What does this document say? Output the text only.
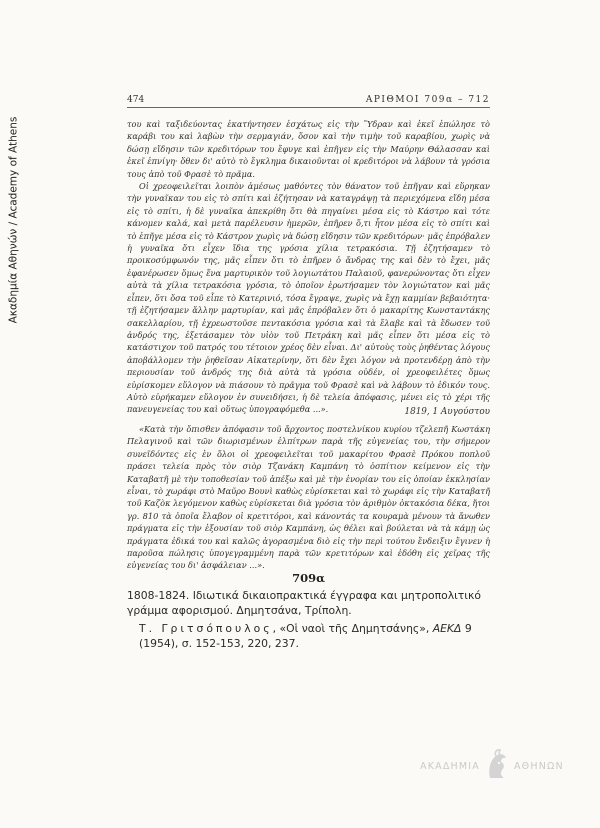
Ακαδημία Αθηνών / Academy of Athens
474	ΑΡΙΘΜΟΙ 709α – 712

του καὶ ταξιδεύοντας ἐκατήντησεν ἐσχάτως εἰς τὴν Ὕδραν καὶ ἐκεῖ ἐπώλησε τὸ καράβι του καὶ λαβὼν τὴν σερμαγιάν, ὅσον καὶ τὴν τιμὴν τοῦ καραβίου, χωρὶς νὰ δώσῃ εἴδησιν τῶν κρεδιτόρων του ἔφυγε καὶ ἐπῆγεν εἰς τὴν Μαύρην Θάλασσαν καὶ ἐκεῖ ἐπνίγη· ὅθεν δι' αὐτὸ τὸ ἔγκλημα δικαιοῦνται οἱ κρεδιτόροι νὰ λάβουν τὰ γρόσια τους ἀπὸ τοῦ Φρασὲ τὸ πρᾶμα.

Οἱ χρεοφειλεῖται λοιπὸν ἀμέσως μαθόντες τὸν θάνατον τοῦ ἐπῆγαν καὶ εὕρηκαν τὴν γυναῖκαν του εἰς τὸ σπίτι καὶ ἐζήτησαν νὰ καταγράψῃ τὰ περιεχόμενα εἴδη μέσα εἰς τὸ σπίτι, ἡ δὲ γυναῖκα ἀπεκρίθη ὅτι θὰ πηγαίνει μέσα εἰς τὸ Κάστρο καὶ τότε κάνομεν καλά, καὶ μετὰ παρέλευσιν ἡμερῶν, ἐπῆρεν ὅ,τι ἦτον μέσα εἰς τὸ σπίτι καὶ τὸ ἐπῆγε μέσα εἰς τὸ Κάστρον χωρὶς νὰ δώσῃ εἴδησιν τῶν κρεδιτόρων· μᾶς ἐπρόβαλεν ἡ γυναῖκα ὅτι εἶχεν ἴδια της γρόσια χίλια τετρακόσια. Τῇ ἐζητήσαμεν τὸ προικοσύμφωνόν της, μᾶς εἶπεν ὅτι τὸ ἐπῆρεν ὁ ἄνδρας της καὶ δὲν τὸ ἔχει, μᾶς ἐφανέρωσεν ὅμως ἕνα μαρτυρικὸν τοῦ λογιωτάτου Παλαιοῦ, φανερώνοντας ὅτι εἶχεν αὐτὰ τὰ χίλια τετρακόσια γρόσια, τὸ ὁποῖον ἐρωτήσαμεν τὸν λογιώτατον καὶ μᾶς εἶπεν, ὅτι ὅσα τοῦ εἶπε τὸ Κατερινιό, τόσα ἔγραψε, χωρὶς νὰ ἔχῃ καμμίαν βεβαιότητα· τῇ ἐζητήσαμεν ἄλλην μαρτυρίαν, καὶ μᾶς ἐπρόβαλεν ὅτι ὁ μακαρίτης Κωνσταντάκης σακελλαρίου, τῇ ἐχρεωστοῦσε πεντακόσια γρόσια καὶ τὰ ἔλαβε καὶ τὰ ἔδωσεν τοῦ ἀνδρός της, ἐξετάσαμεν τὸν υἱὸν τοῦ Πετράκη καὶ μᾶς εἶπεν ὅτι μέσα εἰς τὸ κατάστιχον τοῦ πατρός του τέτοιον χρέος δὲν εἶναι. Δι' αὐτοὺς τοὺς ῥηθέντας λόγους ἀποβάλλομεν τὴν ῥηθεῖσαν Αἰκατερίνην, ὅτι δὲν ἔχει λόγον νὰ προτενδέρῃ ἀπὸ τὴν περιουσίαν τοῦ ἀνδρός της διὰ αὐτὰ τὰ γρόσια οὐδέν, οἱ χρεοφειλέτες ὅμως εὑρίσκομεν εὔλογον νὰ πιάσουν τὸ πρᾶγμα τοῦ Φρασὲ καὶ νὰ λάβουν τὸ ἐδικόν τους. Αὐτὸ εὑρήκαμεν εὔλογον ἐν συνειδήσει, ἡ δὲ τελεία ἀπόφασις, μένει εἰς τὸ χέρι τῆς πανευγενείας του καὶ οὕτως ὑπογραφόμεθα ...».	1819, 1 Αυγούστου

«Κατὰ τὴν ὄπισθεν ἀπόφασιν τοῦ ἄρχοντος ποστελνίκου κυρίου τζελεπῆ Κωστάκη Πελαγινοῦ καὶ τῶν διωρισμένων ἐλπίτρων παρὰ τῆς εὐγενείας του, τὴν σήμερον συνεϊδόντες εἰς ἐν ὅλοι οἱ χρεοφειλεῖται τοῦ μακαρίτου Φρασὲ Πρόκου ποπλοῦ πράσει τελεία πρὸς τὸν σιὸρ Τζανάκη Καμπάνη τὸ ὀσπίτιον κείμενον εἰς τὴν Καταβατῆ μὲ τὴν τοποθεσίαν τοῦ ἀπέξω καὶ μὲ τὴν ἐνορίαν του εἰς ὁποίαν ἐκκλησίαν εἶναι, τὸ χωράφι στὸ Μαῦρο Βουνὶ καθὼς εὑρίσκεται καὶ τὸ χωράφι εἰς τὴν Καταβατῆ τοῦ Καζὸκ λεγόμενον καθὼς εὑρίσκεται διὰ γρόσια τὸν ἀριθμὸν ὀκτακόσια δέκα, ἤτοι γρ. 810 τὰ ὁποῖα ἔλαβον οἱ κρετιτόροι, καὶ κάνοντάς τα κουραμὰ μένουν τὰ ἄνωθεν πράγματα εἰς τὴν ἐξουσίαν τοῦ σιὸρ Καμπάνη, ὡς θέλει καὶ βούλεται νὰ τὰ κάμῃ ὡς πράγματα ἐδικά του καὶ καλῶς ἀγορασμένα διὸ εἰς τὴν περὶ τούτου ἔνδειξιν ἔγινεν ἡ παροῦσα πώλησις ὑπογεγραμμένη παρὰ τῶν κρετιτόρων καὶ ἐδόθη εἰς χεῖρας τῆς εὐγενείας του δι' ἀσφάλειαν ...».

709α

1808-1824. Ιδιωτικά δικαιοπρακτικά έγγραφα και μητροπολιτικό γράμμα αφορισμού. Δημητσάνα, Τρίπολη.

Τ. Γριτσόπουλος, «Οἱ ναοὶ τῆς Δημητσάνης», ΑΕΚΔ 9 (1954), σ. 152-153, 220, 237.
ΑΚΑΔΗΜΙΑ	ΑΘΗΝΩΝ
